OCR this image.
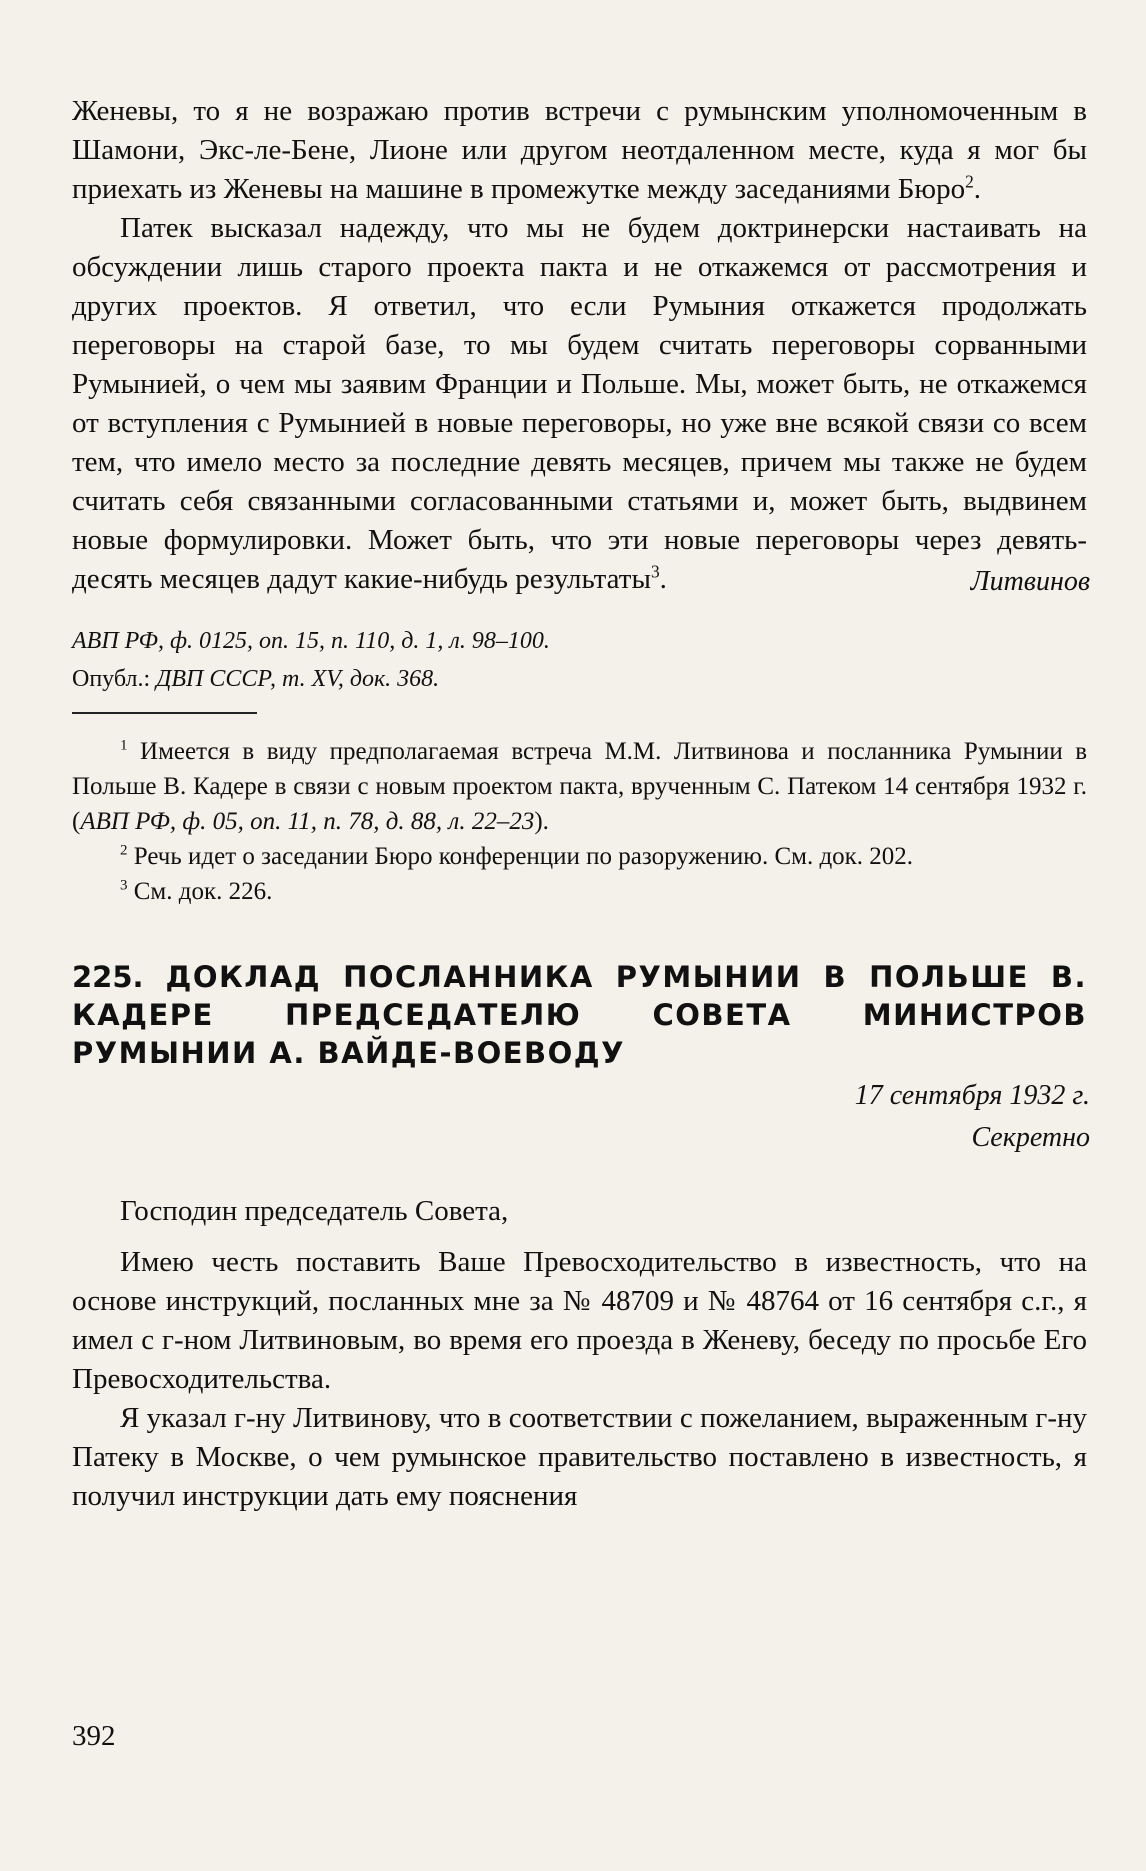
Женевы, то я не возражаю против встречи с румынским уполномоченным в Шамони, Экс-ле-Бене, Лионе или другом неотдаленном месте, куда я мог бы приехать из Женевы на машине в промежутке между заседаниями Бюро$^2$.

Патек высказал надежду, что мы не будем доктринерски настаивать на обсуждении лишь старого проекта пакта и не откажемся от рассмотрения и других проектов. Я ответил, что если Румыния откажется продолжать переговоры на старой базе, то мы будем считать переговоры сорванными Румынией, о чем мы заявим Франции и Польше. Мы, может быть, не откажемся от вступления с Румынией в новые переговоры, но уже вне всякой связи со всем тем, что имело место за последние девять месяцев, причем мы также не будем считать себя связанными согласованными статьями и, может быть, выдвинем новые формулировки. Может быть, что эти новые переговоры через девять-десять месяцев дадут какие-нибудь результаты$^3$.	Литвинов
АВП РФ, ф. 0125, оп. 15, п. 110, д. 1, л. 98–100.
Опубл.: ДВП СССР, т. XV, док. 368.

$^1$ Имеется в виду предполагаемая встреча М.М. Литвинова и посланника Румынии в Польше В. Кадере в связи с новым проектом пакта, врученным С. Патеком 14 сентября 1932 г. (АВП РФ, ф. 05, оп. 11, п. 78, д. 88, л. 22–23).

$^2$ Речь идет о заседании Бюро конференции по разоружению. См. док. 202.

$^3$ См. док. 226.

225. ДОКЛАД ПОСЛАННИКА РУМЫНИИ В ПОЛЬШЕ В. КАДЕРЕ ПРЕДСЕДАТЕЛЮ СОВЕТА МИНИСТРОВ РУМЫНИИ А. ВАЙДЕ-ВОЕВОДУ
17 сентября 1932 г.
Секретно

Господин председатель Совета,

Имею честь поставить Ваше Превосходительство в известность, что на основе инструкций, посланных мне за № 48709 и № 48764 от 16 сентября с.г., я имел с г-ном Литвиновым, во время его проезда в Женеву, беседу по просьбе Его Превосходительства.

Я указал г-ну Литвинову, что в соответствии с пожеланием, выраженным г-ну Патеку в Москве, о чем румынское правительство поставлено в известность, я получил инструкции дать ему пояснения

392
